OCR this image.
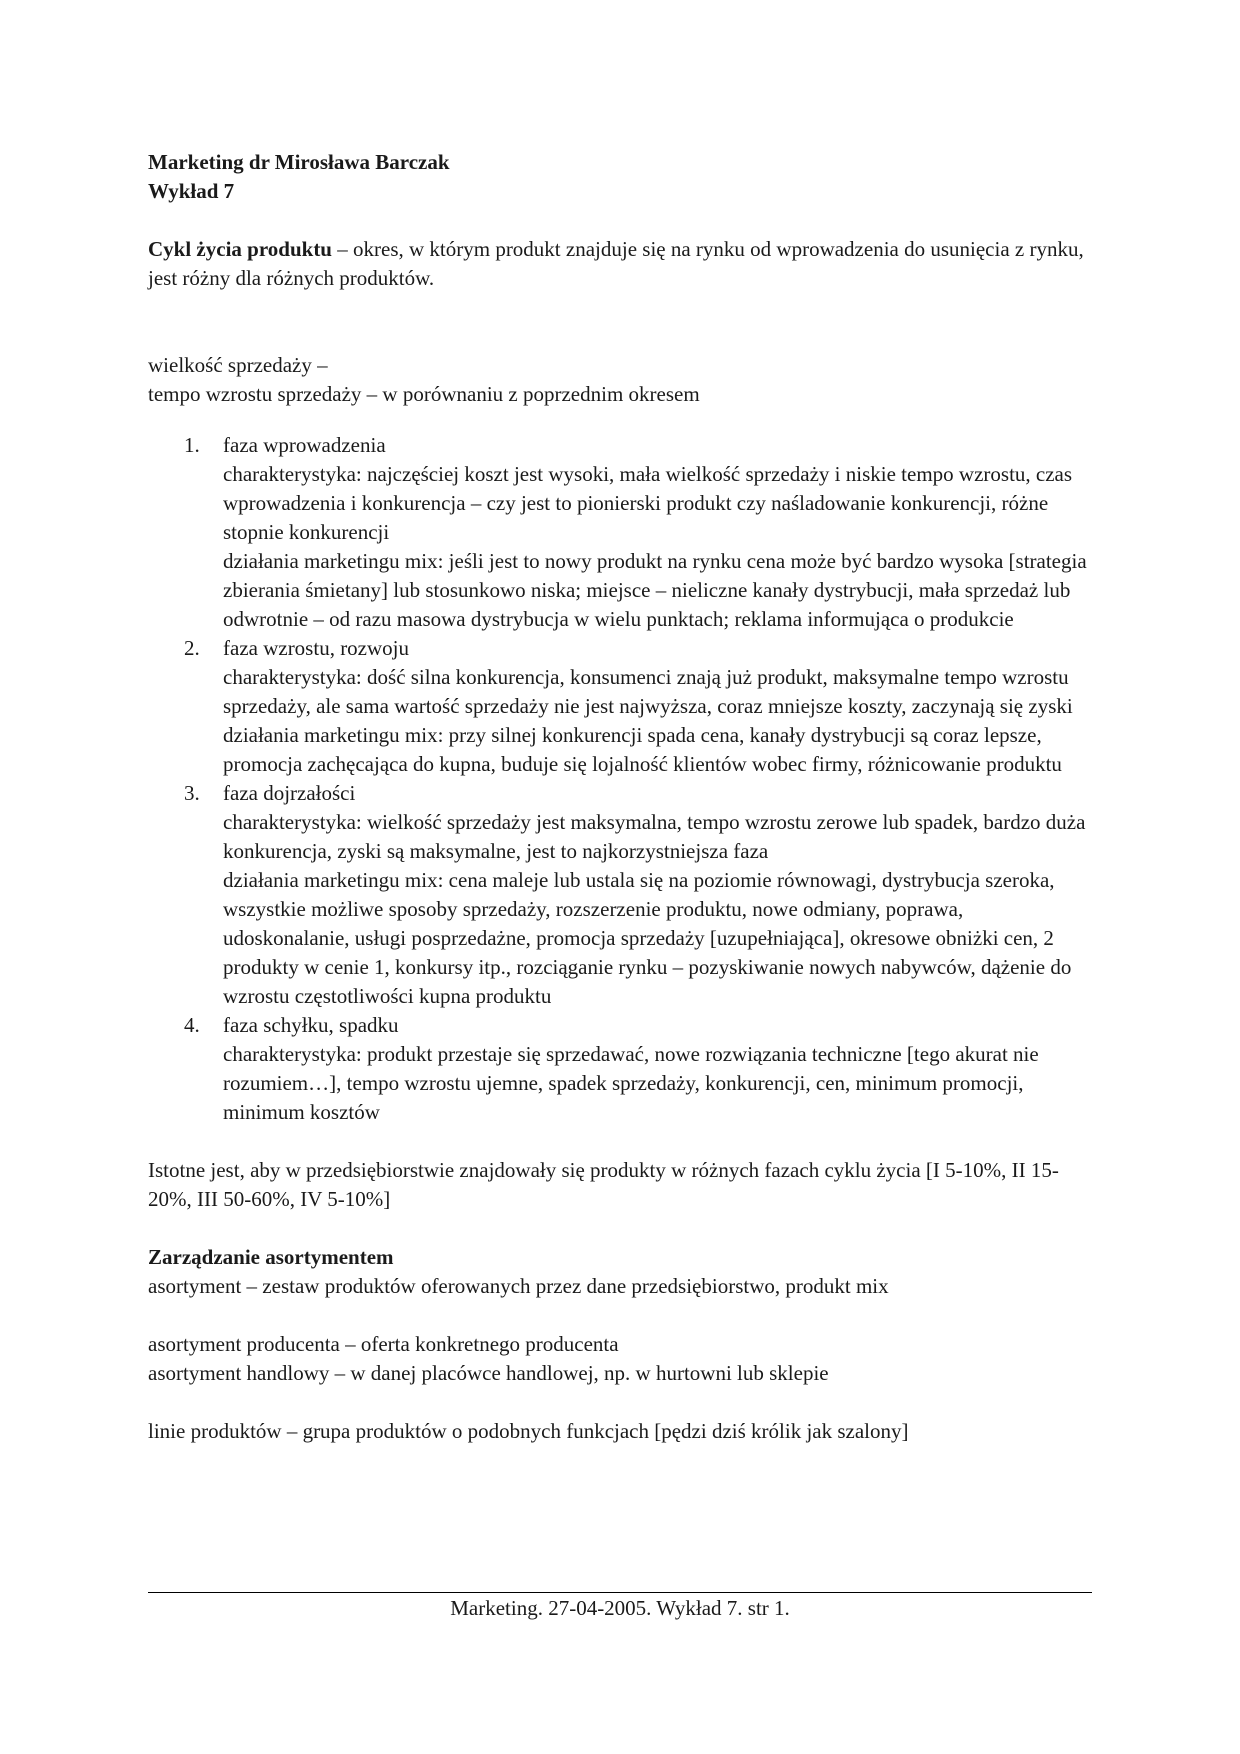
Marketing dr Mirosława Barczak

Wykład 7

Cykl życia produktu – okres, w którym produkt znajduje się na rynku od wprowadzenia do usunięcia z rynku, jest różny dla różnych produktów.

wielkość sprzedaży –

tempo wzrostu sprzedaży – w porównaniu z poprzednim okresem

1. faza wprowadzenia

charakterystyka: najczęściej koszt jest wysoki, mała wielkość sprzedaży i niskie tempo wzrostu, czas wprowadzenia i konkurencja – czy jest to pionierski produkt czy naśladowanie konkurencji, różne stopnie konkurencji

działania marketingu mix: jeśli jest to nowy produkt na rynku cena może być bardzo wysoka [strategia zbierania śmietany] lub stosunkowo niska; miejsce – nieliczne kanały dystrybucji, mała sprzedaż lub odwrotnie – od razu masowa dystrybucja w wielu punktach; reklama informująca o produkcie

2. faza wzrostu, rozwoju

charakterystyka: dość silna konkurencja, konsumenci znają już produkt, maksymalne tempo wzrostu sprzedaży, ale sama wartość sprzedaży nie jest najwyższa, coraz mniejsze koszty, zaczynają się zyski

działania marketingu mix: przy silnej konkurencji spada cena, kanały dystrybucji są coraz lepsze, promocja zachęcająca do kupna, buduje się lojalność klientów wobec firmy, różnicowanie produktu

3. faza dojrzałości

charakterystyka: wielkość sprzedaży jest maksymalna, tempo wzrostu zerowe lub spadek, bardzo duża konkurencja, zyski są maksymalne, jest to najkorzystniejsza faza

działania marketingu mix: cena maleje lub ustala się na poziomie równowagi, dystrybucja szeroka, wszystkie możliwe sposoby sprzedaży, rozszerzenie produktu, nowe odmiany, poprawa, udoskonalanie, usługi posprzedażne, promocja sprzedaży [uzupełniająca], okresowe obniżki cen, 2 produkty w cenie 1, konkursy itp., rozciąganie rynku – pozyskiwanie nowych nabywców, dążenie do wzrostu częstotliwości kupna produktu

4. faza schyłku, spadku

charakterystyka: produkt przestaje się sprzedawać, nowe rozwiązania techniczne [tego akurat nie rozumiem…], tempo wzrostu ujemne, spadek sprzedaży, konkurencji, cen, minimum promocji, minimum kosztów

Istotne jest, aby w przedsiębiorstwie znajdowały się produkty w różnych fazach cyklu życia [I 5-10%, II 15-20%, III 50-60%, IV 5-10%]

Zarządzanie asortymentem

asortyment – zestaw produktów oferowanych przez dane przedsiębiorstwo, produkt mix

asortyment producenta – oferta konkretnego producenta

asortyment handlowy – w danej placówce handlowej, np. w hurtowni lub sklepie

linie produktów – grupa produktów o podobnych funkcjach [pędzi dziś królik jak szalony]

Marketing. 27-04-2005. Wykład 7. str 1.
